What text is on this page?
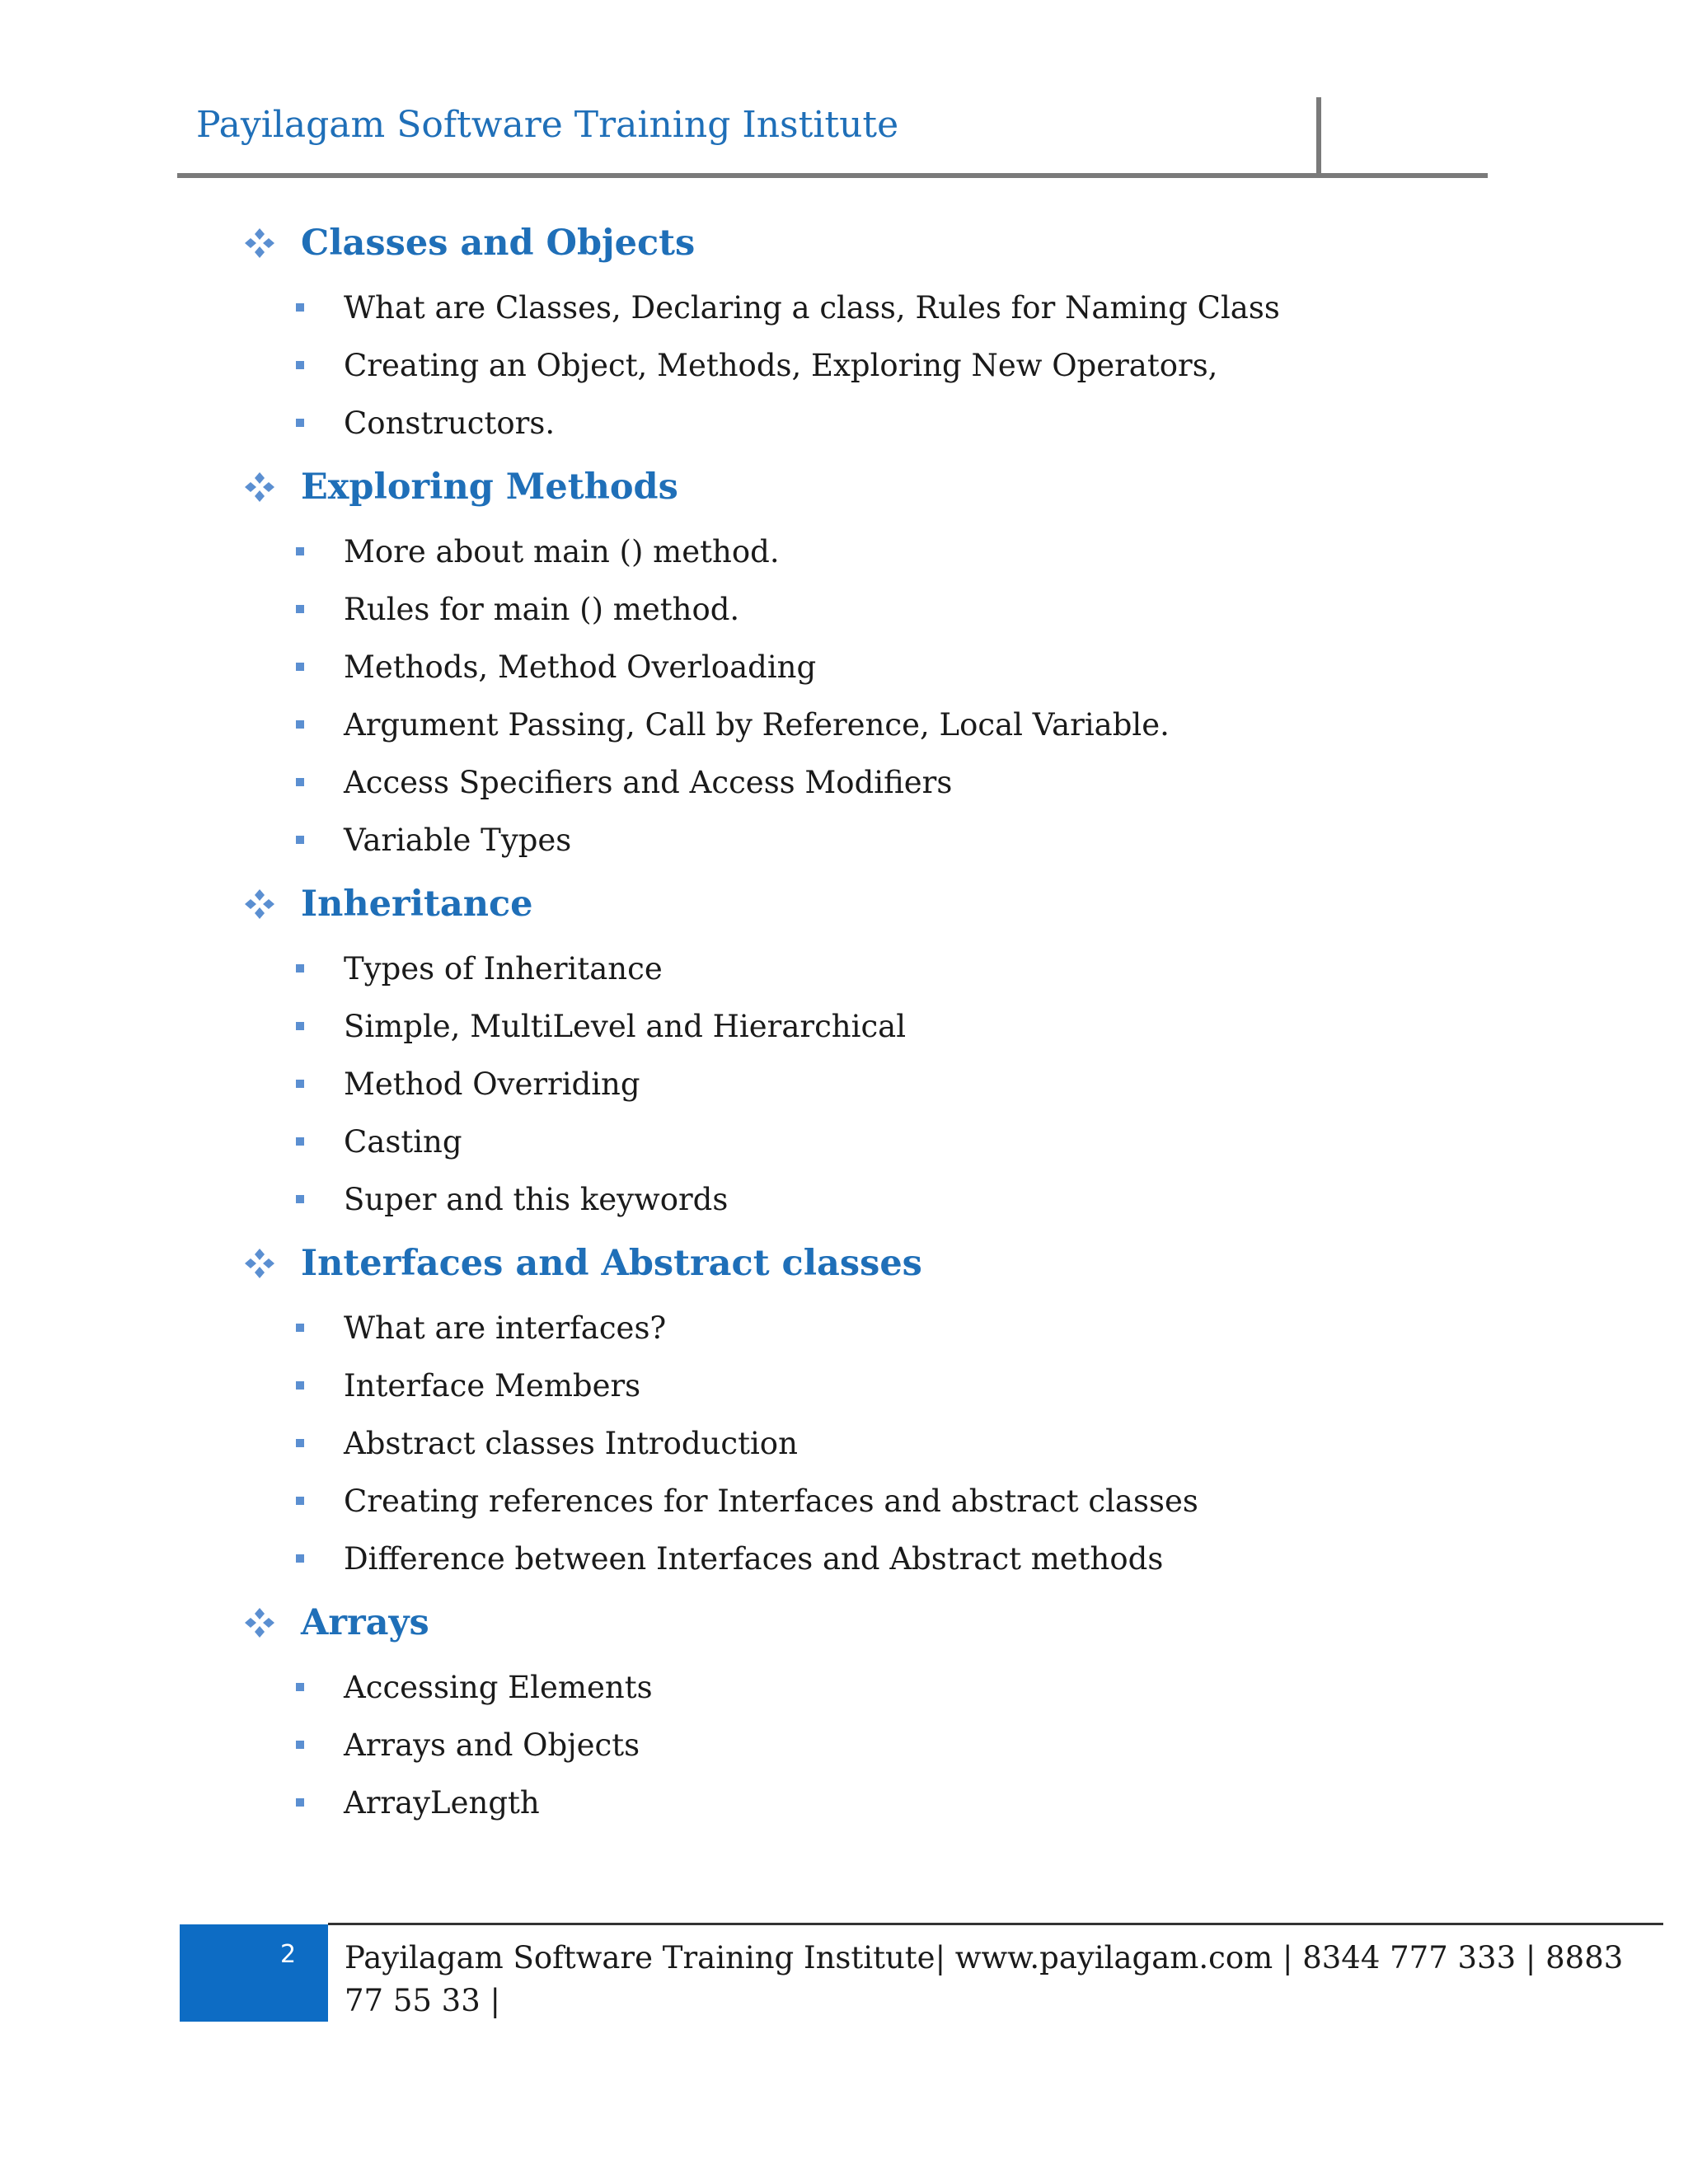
Payilagam Software Training Institute
Classes and Objects
What are Classes, Declaring a class, Rules for Naming Class
Creating an Object, Methods, Exploring New Operators,
Constructors.
Exploring Methods
More about main () method.
Rules for main () method.
Methods, Method Overloading
Argument Passing, Call by Reference, Local Variable.
Access Specifiers and Access Modifiers
Variable Types
Inheritance
Types of Inheritance
Simple, MultiLevel and Hierarchical
Method Overriding
Casting
Super and this keywords
Interfaces and Abstract classes
What are interfaces?
Interface Members
Abstract classes Introduction
Creating references for Interfaces and abstract classes
Difference between Interfaces and Abstract methods
Arrays
Accessing Elements
Arrays and Objects
ArrayLength
2 Payilagam Software Training Institute| www.payilagam.com | 8344 777 333 | 8883 77 55 33 |
